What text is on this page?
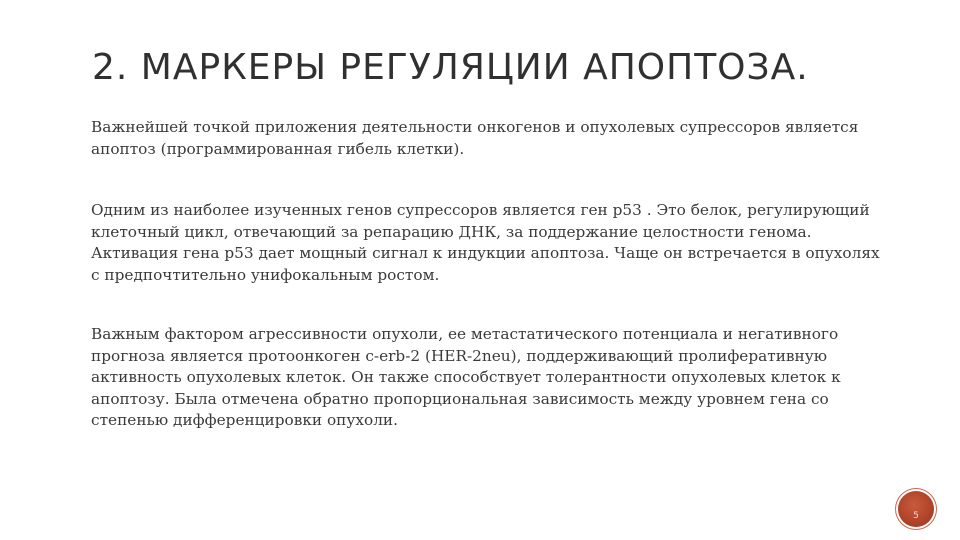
2. МАРКЕРЫ РЕГУЛЯЦИИ АПОПТОЗА.

Важнейшей точкой приложения деятельности онкогенов и опухолевых супрессоров является апоптоз (программированная гибель клетки).

Одним из наиболее изученных генов супрессоров является ген р53 . Это белок, регулирующий клеточный цикл, отвечающий за репарацию ДНК, за поддержание целостности генома. Активация гена р53 дает мощный сигнал к индукции апоптоза. Чаще он встречается в опухолях с предпочтительно унифокальным ростом.

Важным фактором агрессивности опухоли, ее метастатического потенциала и негативного прогноза является протоонкоген c-erb-2 (HER-2neu), поддерживающий пролиферативную активность опухолевых клеток. Он также способствует толерантности опухолевых клеток к апоптозу. Была отмечена обратно пропорциональная зависимость между уровнем гена со степенью дифференцировки опухоли.

5
